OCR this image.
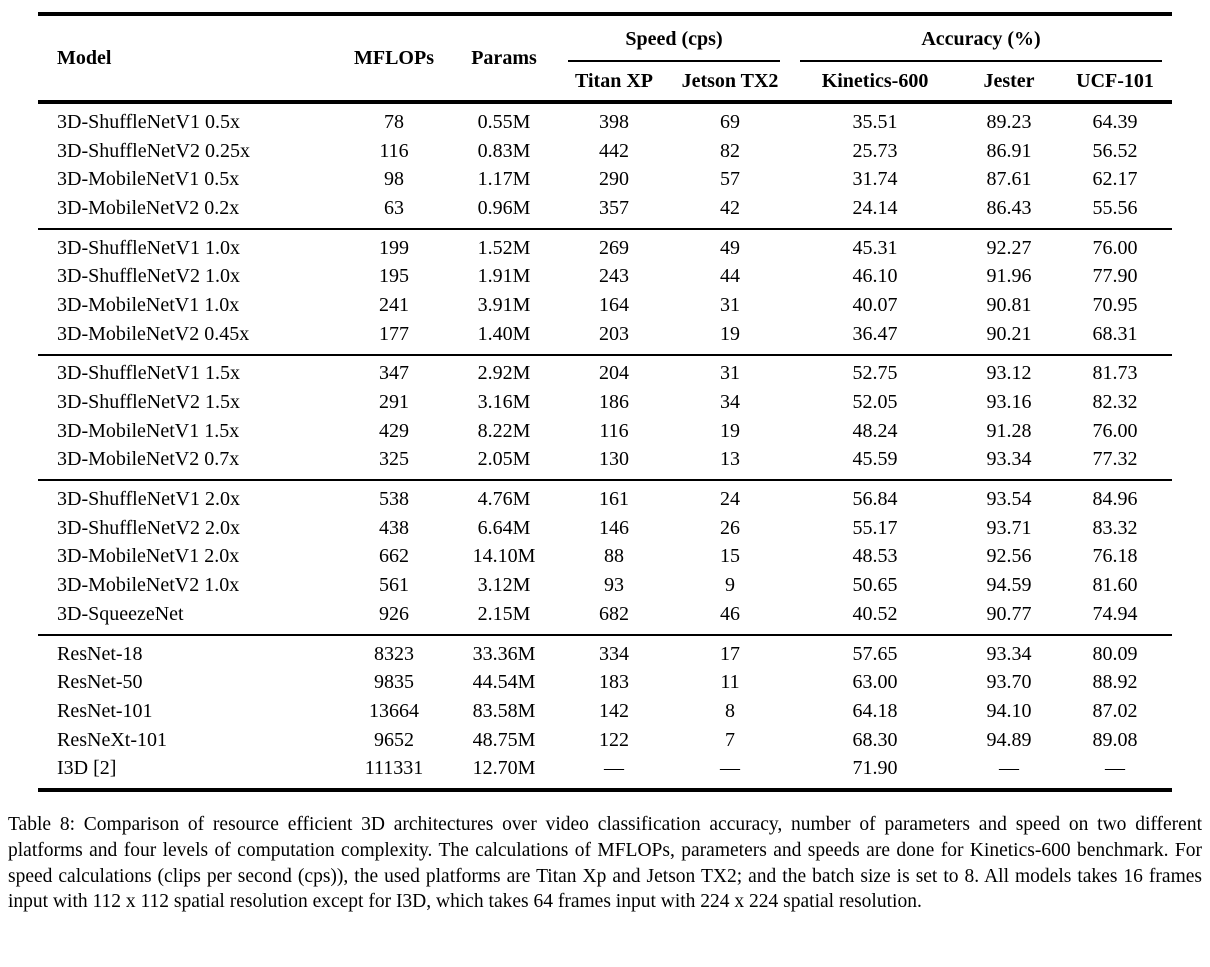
Model	MFLOPs	Params	Speed (cps)		Accuracy (%)		

			Titan XP	Jetson TX2	Kinetics-600	Jester	UCF-101
3D-ShuffleNetV1 0.5x	78	0.55M	398	69	35.51	89.23	64.39
3D-ShuffleNetV2 0.25x	116	0.83M	442	82	25.73	86.91	56.52
3D-MobileNetV1 0.5x	98	1.17M	290	57	31.74	87.61	62.17
3D-MobileNetV2 0.2x	63	0.96M	357	42	24.14	86.43	55.56
3D-ShuffleNetV1 1.0x	199	1.52M	269	49	45.31	92.27	76.00
3D-ShuffleNetV2 1.0x	195	1.91M	243	44	46.10	91.96	77.90
3D-MobileNetV1 1.0x	241	3.91M	164	31	40.07	90.81	70.95
3D-MobileNetV2 0.45x	177	1.40M	203	19	36.47	90.21	68.31
3D-ShuffleNetV1 1.5x	347	2.92M	204	31	52.75	93.12	81.73
3D-ShuffleNetV2 1.5x	291	3.16M	186	34	52.05	93.16	82.32
3D-MobileNetV1 1.5x	429	8.22M	116	19	48.24	91.28	76.00
3D-MobileNetV2 0.7x	325	2.05M	130	13	45.59	93.34	77.32
3D-ShuffleNetV1 2.0x	538	4.76M	161	24	56.84	93.54	84.96
3D-ShuffleNetV2 2.0x	438	6.64M	146	26	55.17	93.71	83.32
3D-MobileNetV1 2.0x	662	14.10M	88	15	48.53	92.56	76.18
3D-MobileNetV2 1.0x	561	3.12M	93	9	50.65	94.59	81.60
3D-SqueezeNet	926	2.15M	682	46	40.52	90.77	74.94
ResNet-18	8323	33.36M	334	17	57.65	93.34	80.09
ResNet-50	9835	44.54M	183	11	63.00	93.70	88.92
ResNet-101	13664	83.58M	142	8	64.18	94.10	87.02
ResNeXt-101	9652	48.75M	122	7	68.30	94.89	89.08
I3D [2]	111331	12.70M	—	—	71.90	—	—

Table 8: Comparison of resource efficient 3D architectures over video classification accuracy, number of parameters and speed on two different platforms and four levels of computation complexity. The calculations of MFLOPs, parameters and speeds are done for Kinetics-600 benchmark. For speed calculations (clips per second (cps)), the used platforms are Titan Xp and Jetson TX2; and the batch size is set to 8. All models takes 16 frames input with 112 x 112 spatial resolution except for I3D, which takes 64 frames input with 224 x 224 spatial resolution.
